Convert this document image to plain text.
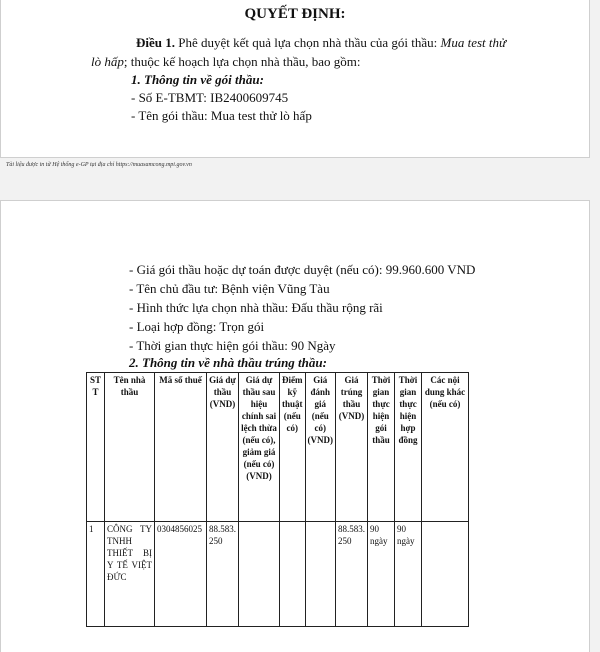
QUYẾT ĐỊNH:
Điều 1. Phê duyệt kết quả lựa chọn nhà thầu của gói thầu: Mua test thử
lò hấp; thuộc kế hoạch lựa chọn nhà thầu, bao gồm:
1. Thông tin về gói thầu:
- Số E-TBMT: IB2400609745
- Tên gói thầu: Mua test thử lò hấp
Tài liệu được in từ Hệ thống e-GP tại địa chỉ https://muasamcong.mpi.gov.vn
- Giá gói thầu hoặc dự toán được duyệt (nếu có): 99.960.600 VND
- Tên chủ đầu tư: Bệnh viện Vũng Tàu
- Hình thức lựa chọn nhà thầu: Đấu thầu rộng rãi
- Loại hợp đồng: Trọn gói
- Thời gian thực hiện gói thầu: 90 Ngày
2. Thông tin về nhà thầu trúng thầu:
STT	Tên nhà thầu	Mã số thuế	Giá dự thầu (VND)	Giá dự thầu sau hiệu chính sai lệch thừa (nếu có), giảm giá (nếu có) (VND)	Điểm kỹ thuật (nếu có)	Giá đánh giá (nếu có) (VND)	Giá trúng thầu (VND)	Thời gian thực hiện gói thầu	Thời gian thực hiện hợp đồng	Các nội dung khác (nếu có)
1	CÔNG TY TNHH THIẾT BỊ Y TẾ VIỆT ĐỨC	0304856025	88.583.250				88.583.250	90 ngày	90 ngày	
